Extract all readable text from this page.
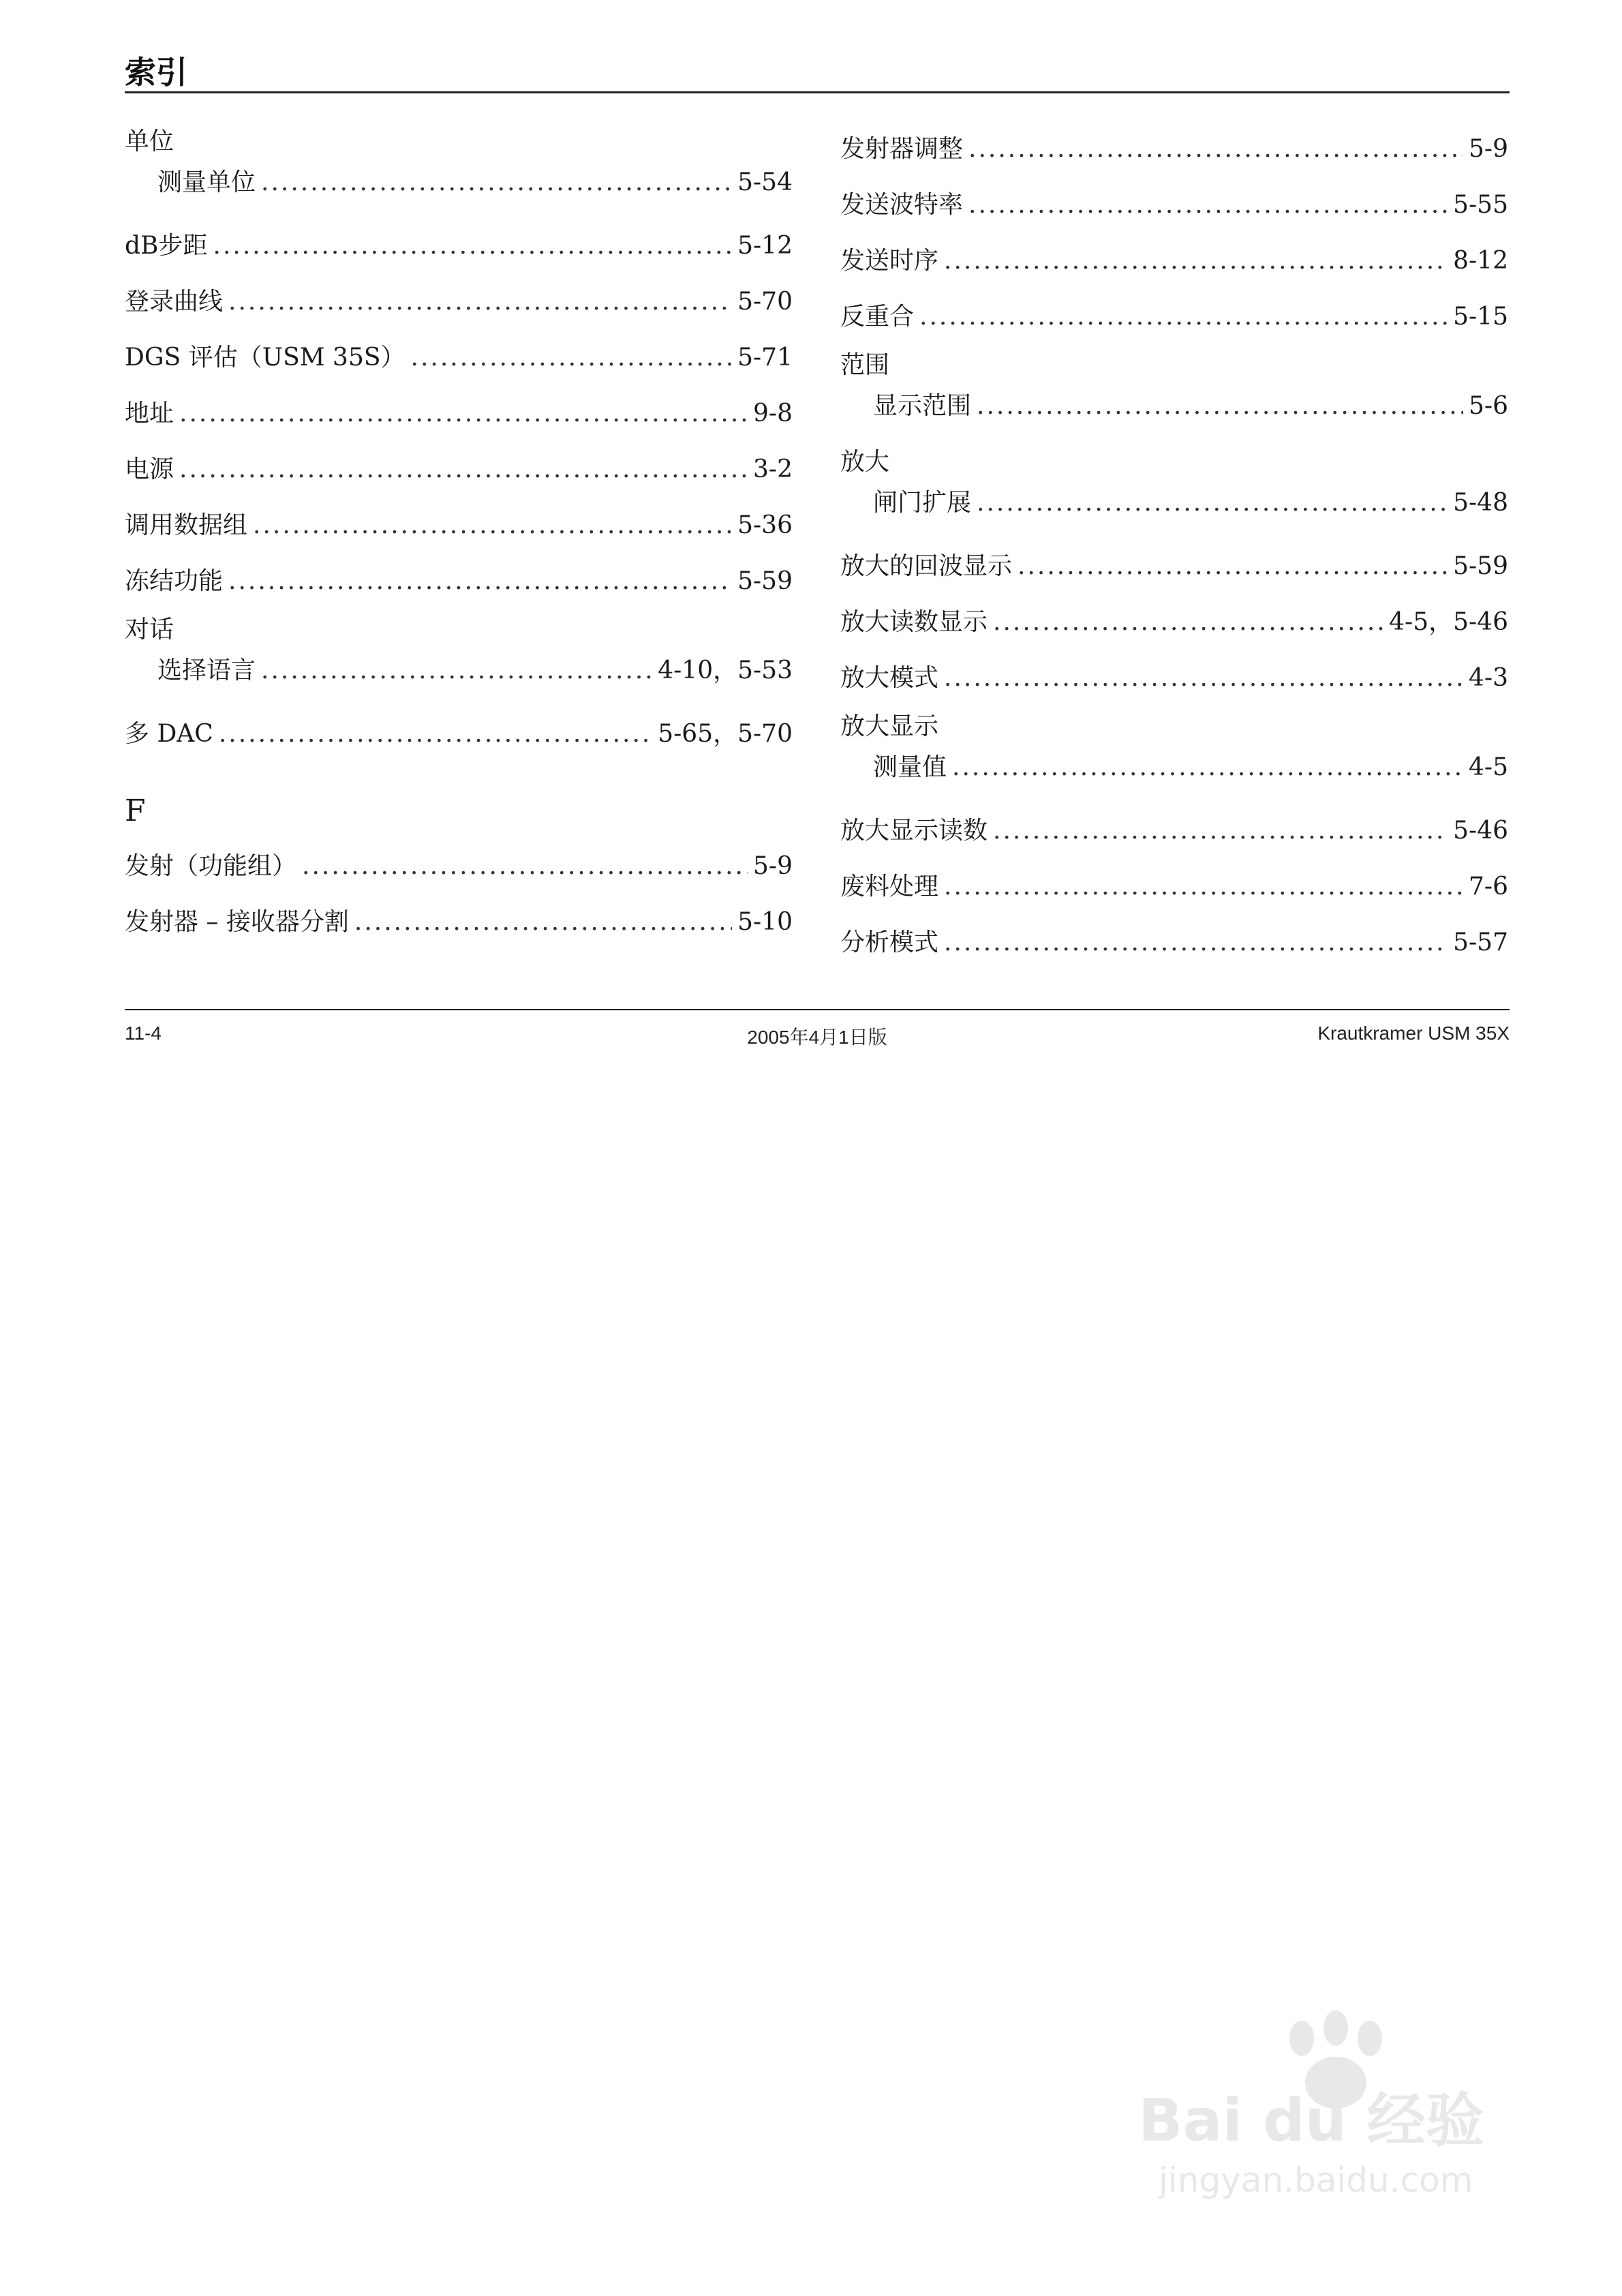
索引
单位
测量单位 .....	5-54
dB步距 .....	5-12
登录曲线 .....	5-70
DGS 评估（USM 35S） .....	5-71
地址 .....	9-8
电源 .....	3-2
调用数据组 .....	5-36
冻结功能 .....	5-59
对话
选择语言 .....	4-10，5-53
多 DAC .....	5-65，5-70
F
发射（功能组） .....	5-9
发射器 – 接收器分割 .....	5-10
发射器调整 .....	5-9
发送波特率 .....	5-55
发送时序 .....	8-12
反重合 .....	5-15
范围
显示范围 .....	5-6
放大
闸门扩展 .....	5-48
放大的回波显示 .....	5-59
放大读数显示 .....	4-5，5-46
放大模式 .....	4-3
放大显示
测量值 .....	4-5
放大显示读数 .....	5-46
废料处理 .....	7-6
分析模式 .....	5-57
11-4	2005年4月1日版	Krautkramer USM 35X
Bai du 经验
jingyan.baidu.com
